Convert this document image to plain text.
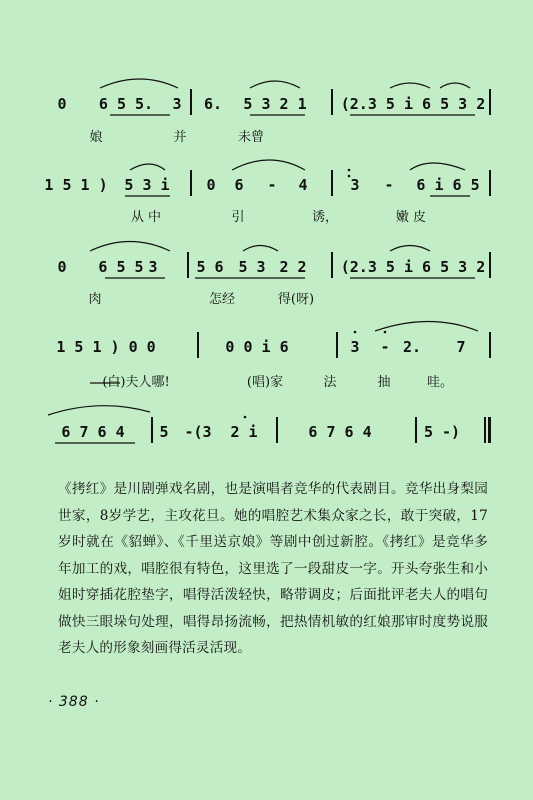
0 6 5 5. 3 6. 5 3 2 1 (2.3 5 i 6 5 3 2
娘	并	未曾
1 5 1 ) 5 3 i 0 6 - 4	3 - 6 i 6 5
从 中	引	诱，	嫩 皮
0 6 5 5 3	5 6 5 3 2 2 (2.3 5 i 6 5 3 2
肉	怎经	得(呀)
1 5 1 ) 0 0	0 0 i 6	3 - 2. 7
(白)夫人哪!	(唱)家	法	抽	哇。
6 7 6 4 5 -(3 2 i	6 7 6 4	5 -)

《拷红》是川剧弹戏名剧，也是演唱者竞华的代表剧目。竞华出身梨园世家，8岁学艺，主攻花旦。她的唱腔艺术集众家之长，敢于突破，17岁时就在《貂蝉》、《千里送京娘》等剧中创过新腔。《拷红》是竞华多年加工的戏，唱腔很有特色，这里选了一段甜皮一字。开头夸张生和小姐时穿插花腔垫字，唱得活泼轻快，略带调皮；后面批评老夫人的唱句做快三眼垛句处理，唱得昂扬流畅，把热情机敏的红娘那审时度势说服老夫人的形象刻画得活灵活现。

· 388 ·
